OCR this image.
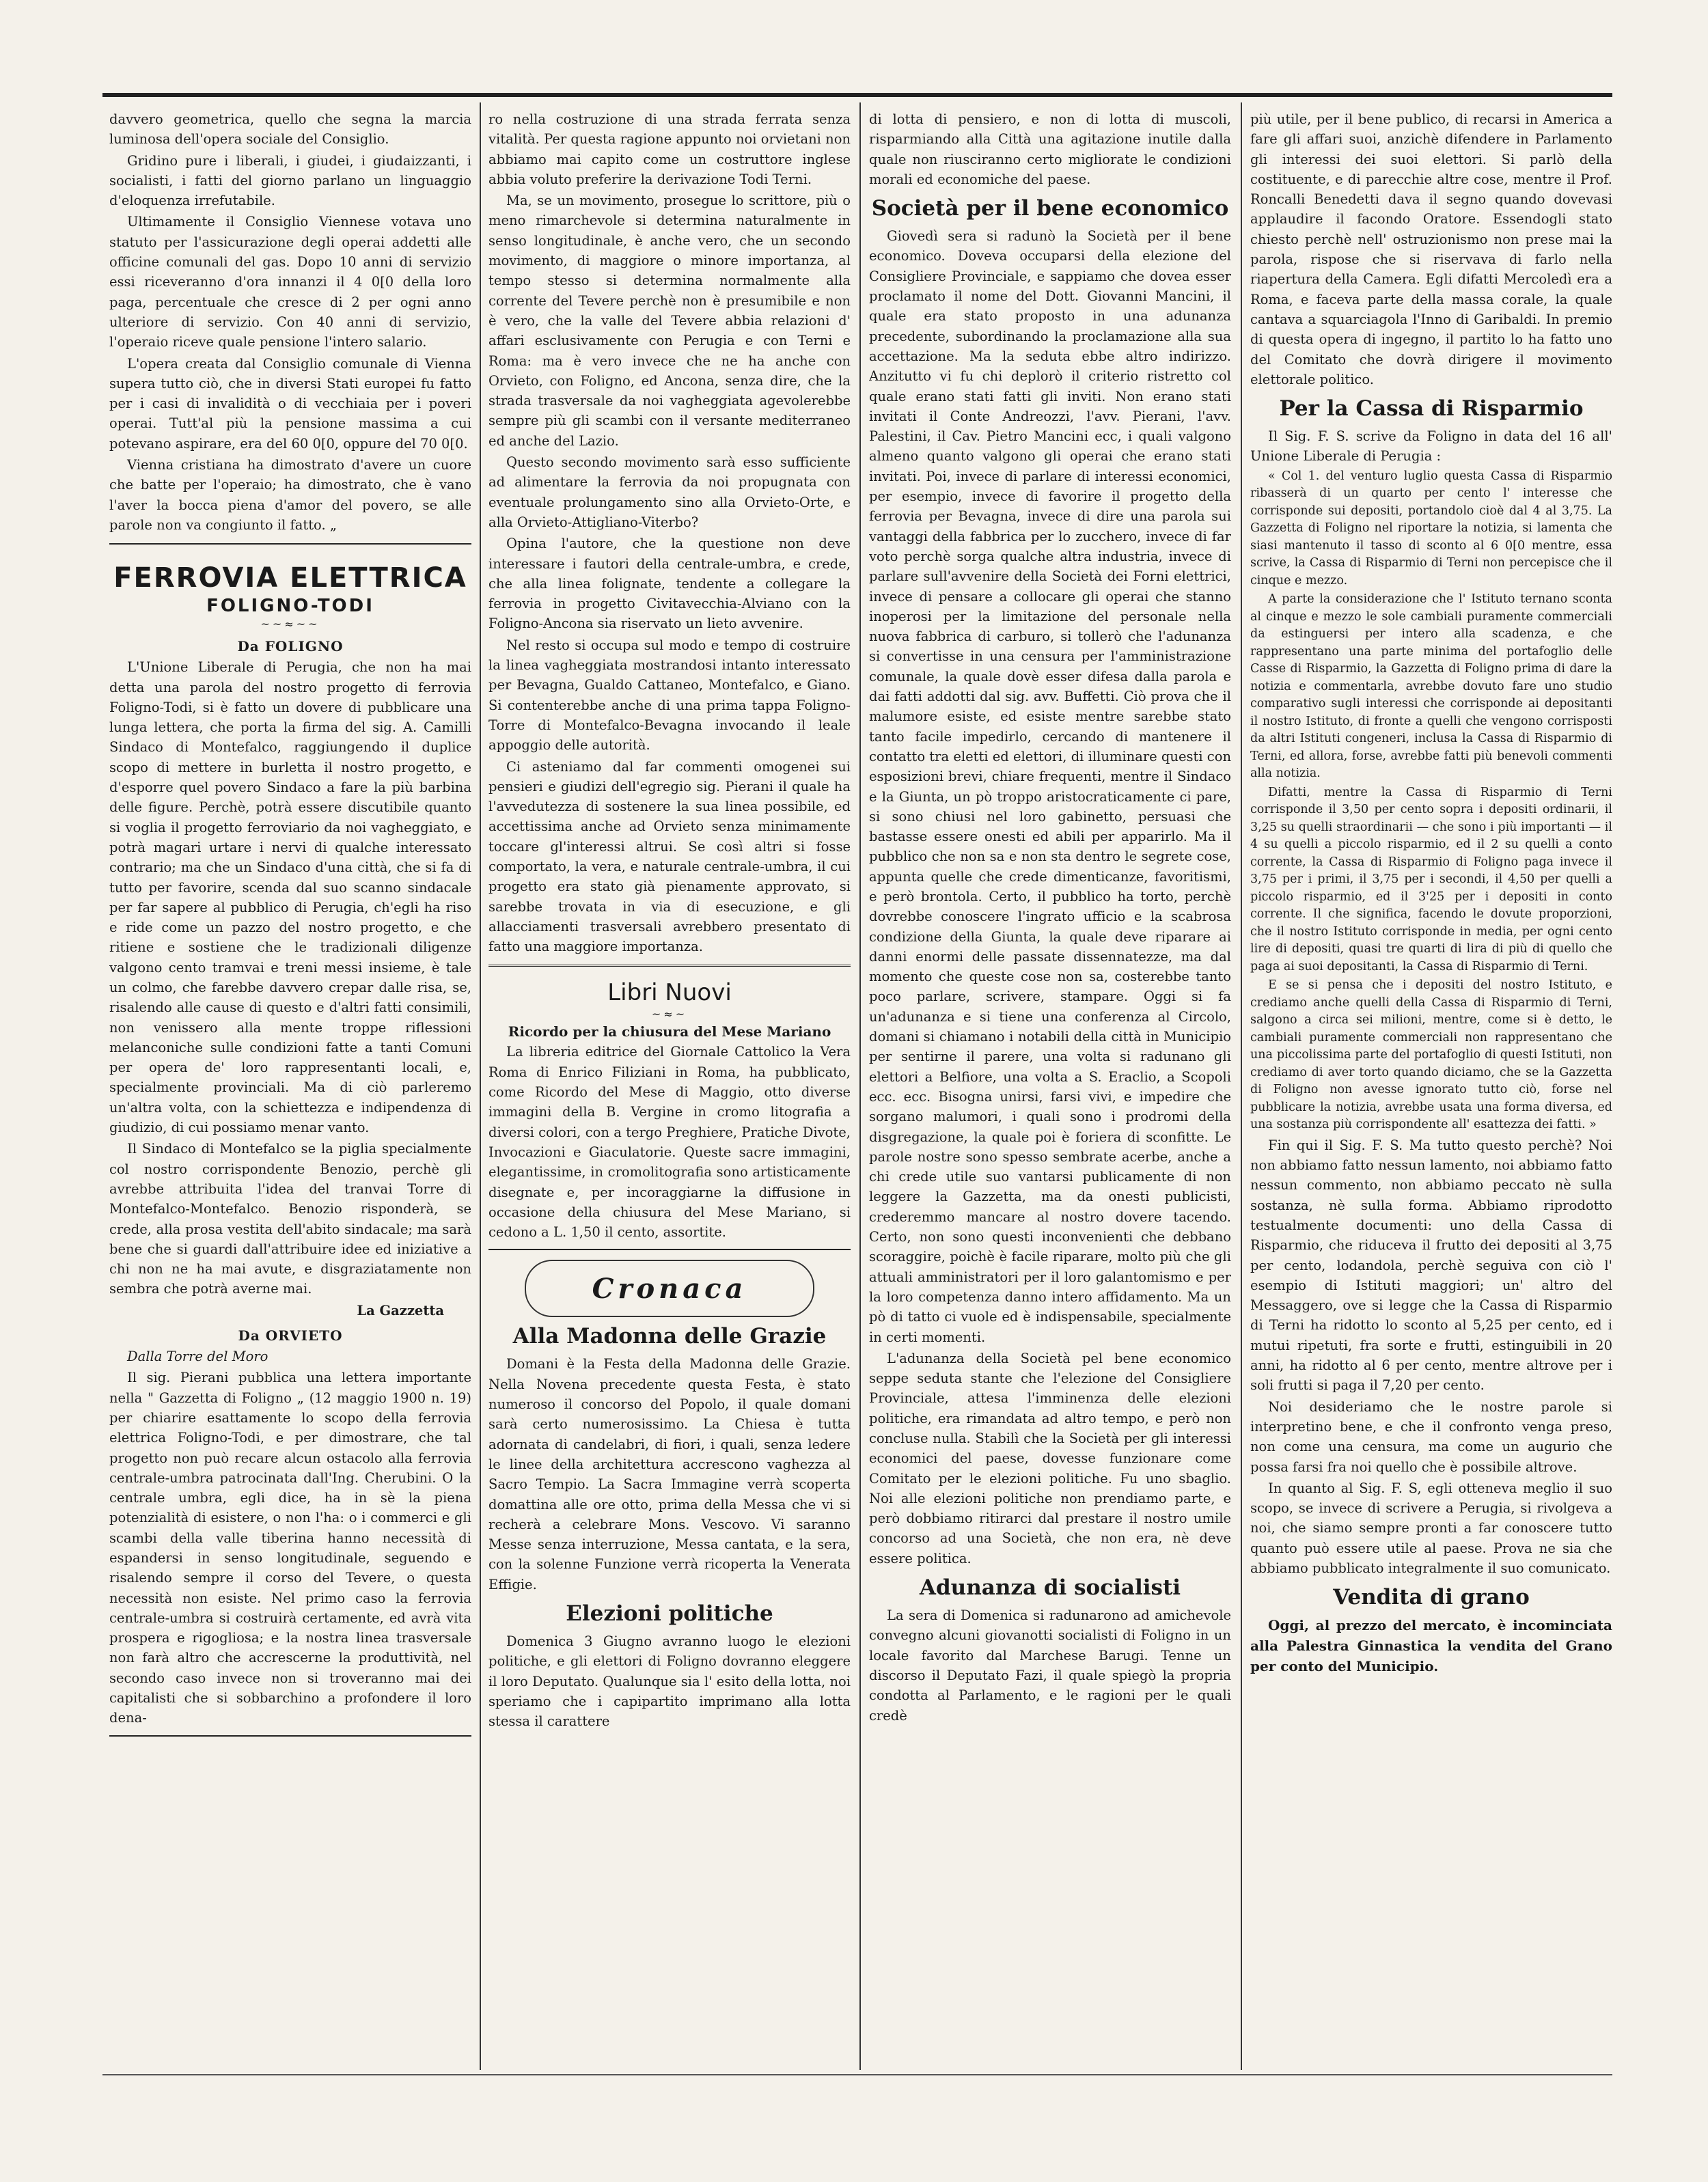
davvero geometrica, quello che segna la marcia luminosa dell'opera sociale del Consiglio.

Gridino pure i liberali, i giudei, i giudaizzanti, i socialisti, i fatti del giorno parlano un linguaggio d'eloquenza irrefutabile.

Ultimamente il Consiglio Viennese votava uno statuto per l'assicurazione degli operai addetti alle officine comunali del gas. Dopo 10 anni di servizio essi riceveranno d'ora innanzi il 4 0[0 della loro paga, percentuale che cresce di 2 per ogni anno ulteriore di servizio. Con 40 anni di servizio, l'operaio riceve quale pensione l'intero salario.

L'opera creata dal Consiglio comunale di Vienna supera tutto ciò, che in diversi Stati europei fu fatto per i casi di invalidità o di vecchiaia per i poveri operai. Tutt'al più la pensione massima a cui potevano aspirare, era del 60 0[0, oppure del 70 0[0.

Vienna cristiana ha dimostrato d'avere un cuore che batte per l'operaio; ha dimostrato, che è vano l'aver la bocca piena d'amor del povero, se alle parole non va congiunto il fatto. „

FERROVIA ELETTRICA
FOLIGNO-TODI
~~≈~~
Da FOLIGNO

L'Unione Liberale di Perugia, che non ha mai detta una parola del nostro progetto di ferrovia Foligno-Todi, si è fatto un dovere di pubblicare una lunga lettera, che porta la firma del sig. A. Camilli Sindaco di Montefalco, raggiungendo il duplice scopo di mettere in burletta il nostro progetto, e d'esporre quel povero Sindaco a fare la più barbina delle figure. Perchè, potrà essere discutibile quanto si voglia il progetto ferroviario da noi vagheggiato, e potrà magari urtare i nervi di qualche interessato contrario; ma che un Sindaco d'una città, che si fa di tutto per favorire, scenda dal suo scanno sindacale per far sapere al pubblico di Perugia, ch'egli ha riso e ride come un pazzo del nostro progetto, e che ritiene e sostiene che le tradizionali diligenze valgono cento tramvai e treni messi insieme, è tale un colmo, che farebbe davvero crepar dalle risa, se, risalendo alle cause di questo e d'altri fatti consimili, non venissero alla mente troppe riflessioni melanconiche sulle condizioni fatte a tanti Comuni per opera de' loro rappresentanti locali, e, specialmente provinciali. Ma di ciò parleremo un'altra volta, con la schiettezza e indipendenza di giudizio, di cui possiamo menar vanto.

Il Sindaco di Montefalco se la piglia specialmente col nostro corrispondente Benozio, perchè gli avrebbe attribuita l'idea del tranvai Torre di Montefalco-Montefalco. Benozio risponderà, se crede, alla prosa vestita dell'abito sindacale; ma sarà bene che si guardi dall'attribuire idee ed iniziative a chi non ne ha mai avute, e disgraziatamente non sembra che potrà averne mai.

La Gazzetta
Da ORVIETO

Dalla Torre del Moro

Il sig. Pierani pubblica una lettera importante nella " Gazzetta di Foligno „ (12 maggio 1900 n. 19) per chiarire esattamente lo scopo della ferrovia elettrica Foligno-Todi, e per dimostrare, che tal progetto non può recare alcun ostacolo alla ferrovia centrale-umbra patrocinata dall'Ing. Cherubini. O la centrale umbra, egli dice, ha in sè la piena potenzialità di esistere, o non l'ha: o i commerci e gli scambi della valle tiberina hanno necessità di espandersi in senso longitudinale, seguendo e risalendo sempre il corso del Tevere, o questa necessità non esiste. Nel primo caso la ferrovia centrale-umbra si costruirà certamente, ed avrà vita prospera e rigogliosa; e la nostra linea trasversale non farà altro che accrescerne la produttività, nel secondo caso invece non si troveranno mai dei capitalisti che si sobbarchino a profondere il loro dena-

ro nella costruzione di una strada ferrata senza vitalità. Per questa ragione appunto noi orvietani non abbiamo mai capito come un costruttore inglese abbia voluto preferire la derivazione Todi Terni.

Ma, se un movimento, prosegue lo scrittore, più o meno rimarchevole si determina naturalmente in senso longitudinale, è anche vero, che un secondo movimento, di maggiore o minore importanza, al tempo stesso si determina normalmente alla corrente del Tevere perchè non è presumibile e non è vero, che la valle del Tevere abbia relazioni d' affari esclusivamente con Perugia e con Terni e Roma: ma è vero invece che ne ha anche con Orvieto, con Foligno, ed Ancona, senza dire, che la strada trasversale da noi vagheggiata agevolerebbe sempre più gli scambi con il versante mediterraneo ed anche del Lazio.

Questo secondo movimento sarà esso sufficiente ad alimentare la ferrovia da noi propugnata con eventuale prolungamento sino alla Orvieto-Orte, e alla Orvieto-Attigliano-Viterbo?

Opina l'autore, che la questione non deve interessare i fautori della centrale-umbra, e crede, che alla linea folignate, tendente a collegare la ferrovia in progetto Civitavecchia-Alviano con la Foligno-Ancona sia riservato un lieto avvenire.

Nel resto si occupa sul modo e tempo di costruire la linea vagheggiata mostrandosi intanto interessato per Bevagna, Gualdo Cattaneo, Montefalco, e Giano. Si contenterebbe anche di una prima tappa Foligno-Torre di Montefalco-Bevagna invocando il leale appoggio delle autorità.

Ci asteniamo dal far commenti omogenei sui pensieri e giudizi dell'egregio sig. Pierani il quale ha l'avvedutezza di sostenere la sua linea possibile, ed accettissima anche ad Orvieto senza minimamente toccare gl'interessi altrui. Se così altri si fosse comportato, la vera, e naturale centrale-umbra, il cui progetto era stato già pienamente approvato, si sarebbe trovata in via di esecuzione, e gli allacciamenti trasversali avrebbero presentato di fatto una maggiore importanza.

Libri Nuovi
~≈~
Ricordo per la chiusura del Mese Mariano

La libreria editrice del Giornale Cattolico la Vera Roma di Enrico Filiziani in Roma, ha pubblicato, come Ricordo del Mese di Maggio, otto diverse immagini della B. Vergine in cromo litografia a diversi colori, con a tergo Preghiere, Pratiche Divote, Invocazioni e Giaculatorie. Queste sacre immagini, elegantissime, in cromolitografia sono artisticamente disegnate e, per incoraggiarne la diffusione in occasione della chiusura del Mese Mariano, si cedono a L. 1,50 il cento, assortite.

Cronaca
Alla Madonna delle Grazie

Domani è la Festa della Madonna delle Grazie. Nella Novena precedente questa Festa, è stato numeroso il concorso del Popolo, il quale domani sarà certo numerosissimo. La Chiesa è tutta adornata di candelabri, di fiori, i quali, senza ledere le linee della architettura accrescono vaghezza al Sacro Tempio. La Sacra Immagine verrà scoperta domattina alle ore otto, prima della Messa che vi si recherà a celebrare Mons. Vescovo. Vi saranno Messe senza interruzione, Messa cantata, e la sera, con la solenne Funzione verrà ricoperta la Venerata Effigie.

Elezioni politiche

Domenica 3 Giugno avranno luogo le elezioni politiche, e gli elettori di Foligno dovranno eleggere il loro Deputato. Qualunque sia l' esito della lotta, noi speriamo che i capipartito imprimano alla lotta stessa il carattere

di lotta di pensiero, e non di lotta di muscoli, risparmiando alla Città una agitazione inutile dalla quale non riusciranno certo migliorate le condizioni morali ed economiche del paese.

Società per il bene economico

Giovedì sera si radunò la Società per il bene economico. Doveva occuparsi della elezione del Consigliere Provinciale, e sappiamo che dovea esser proclamato il nome del Dott. Giovanni Mancini, il quale era stato proposto in una adunanza precedente, subordinando la proclamazione alla sua accettazione. Ma la seduta ebbe altro indirizzo. Anzitutto vi fu chi deplorò il criterio ristretto col quale erano stati fatti gli inviti. Non erano stati invitati il Conte Andreozzi, l'avv. Pierani, l'avv. Palestini, il Cav. Pietro Mancini ecc, i quali valgono almeno quanto valgono gli operai che erano stati invitati. Poi, invece di parlare di interessi economici, per esempio, invece di favorire il progetto della ferrovia per Bevagna, invece di dire una parola sui vantaggi della fabbrica per lo zucchero, invece di far voto perchè sorga qualche altra industria, invece di parlare sull'avvenire della Società dei Forni elettrici, invece di pensare a collocare gli operai che stanno inoperosi per la limitazione del personale nella nuova fabbrica di carburo, si tollerò che l'adunanza si convertisse in una censura per l'amministrazione comunale, la quale dovè esser difesa dalla parola e dai fatti addotti dal sig. avv. Buffetti. Ciò prova che il malumore esiste, ed esiste mentre sarebbe stato tanto facile impedirlo, cercando di mantenere il contatto tra eletti ed elettori, di illuminare questi con esposizioni brevi, chiare frequenti, mentre il Sindaco e la Giunta, un pò troppo aristocraticamente ci pare, si sono chiusi nel loro gabinetto, persuasi che bastasse essere onesti ed abili per apparirlo. Ma il pubblico che non sa e non sta dentro le segrete cose, appunta quelle che crede dimenticanze, favoritismi, e però brontola. Certo, il pubblico ha torto, perchè dovrebbe conoscere l'ingrato ufficio e la scabrosa condizione della Giunta, la quale deve riparare ai danni enormi delle passate dissennatezze, ma dal momento che queste cose non sa, costerebbe tanto poco parlare, scrivere, stampare. Oggi si fa un'adunanza e si tiene una conferenza al Circolo, domani si chiamano i notabili della città in Municipio per sentirne il parere, una volta si radunano gli elettori a Belfiore, una volta a S. Eraclio, a Scopoli ecc. ecc. Bisogna unirsi, farsi vivi, e impedire che sorgano malumori, i quali sono i prodromi della disgregazione, la quale poi è foriera di sconfitte. Le parole nostre sono spesso sembrate acerbe, anche a chi crede utile suo vantarsi publicamente di non leggere la Gazzetta, ma da onesti publicisti, crederemmo mancare al nostro dovere tacendo. Certo, non sono questi inconvenienti che debbano scoraggire, poichè è facile riparare, molto più che gli attuali amministratori per il loro galantomismo e per la loro competenza danno intero affidamento. Ma un pò di tatto ci vuole ed è indispensabile, specialmente in certi momenti.

L'adunanza della Società pel bene economico seppe seduta stante che l'elezione del Consigliere Provinciale, attesa l'imminenza delle elezioni politiche, era rimandata ad altro tempo, e però non concluse nulla. Stabilì che la Società per gli interessi economici del paese, dovesse funzionare come Comitato per le elezioni politiche. Fu uno sbaglio. Noi alle elezioni politiche non prendiamo parte, e però dobbiamo ritirarci dal prestare il nostro umile concorso ad una Società, che non era, nè deve essere politica.

Adunanza di socialisti

La sera di Domenica si radunarono ad amichevole convegno alcuni giovanotti socialisti di Foligno in un locale favorito dal Marchese Barugi. Tenne un discorso il Deputato Fazi, il quale spiegò la propria condotta al Parlamento, e le ragioni per le quali credè

più utile, per il bene publico, di recarsi in America a fare gli affari suoi, anzichè difendere in Parlamento gli interessi dei suoi elettori. Si parlò della costituente, e di parecchie altre cose, mentre il Prof. Roncalli Benedetti dava il segno quando dovevasi applaudire il facondo Oratore. Essendogli stato chiesto perchè nell' ostruzionismo non prese mai la parola, rispose che si riservava di farlo nella riapertura della Camera. Egli difatti Mercoledì era a Roma, e faceva parte della massa corale, la quale cantava a squarciagola l'Inno di Garibaldi. In premio di questa opera di ingegno, il partito lo ha fatto uno del Comitato che dovrà dirigere il movimento elettorale politico.

Per la Cassa di Risparmio

Il Sig. F. S. scrive da Foligno in data del 16 all' Unione Liberale di Perugia :

« Col 1. del venturo luglio questa Cassa di Risparmio ribasserà di un quarto per cento l' interesse che corrisponde sui depositi, portandolo cioè dal 4 al 3,75. La Gazzetta di Foligno nel riportare la notizia, si lamenta che siasi mantenuto il tasso di sconto al 6 0[0 mentre, essa scrive, la Cassa di Risparmio di Terni non percepisce che il cinque e mezzo.

A parte la considerazione che l' Istituto ternano sconta al cinque e mezzo le sole cambiali puramente commerciali da estinguersi per intero alla scadenza, e che rappresentano una parte minima del portafoglio delle Casse di Risparmio, la Gazzetta di Foligno prima di dare la notizia e commentarla, avrebbe dovuto fare uno studio comparativo sugli interessi che corrisponde ai depositanti il nostro Istituto, di fronte a quelli che vengono corrisposti da altri Istituti congeneri, inclusa la Cassa di Risparmio di Terni, ed allora, forse, avrebbe fatti più benevoli commenti alla notizia.

Difatti, mentre la Cassa di Risparmio di Terni corrisponde il 3,50 per cento sopra i depositi ordinarii, il 3,25 su quelli straordinarii — che sono i più importanti — il 4 su quelli a piccolo risparmio, ed il 2 su quelli a conto corrente, la Cassa di Risparmio di Foligno paga invece il 3,75 per i primi, il 3,75 per i secondi, il 4,50 per quelli a piccolo risparmio, ed il 3'25 per i depositi in conto corrente. Il che significa, facendo le dovute proporzioni, che il nostro Istituto corrisponde in media, per ogni cento lire di depositi, quasi tre quarti di lira di più di quello che paga ai suoi depositanti, la Cassa di Risparmio di Terni.

E se si pensa che i depositi del nostro Istituto, e crediamo anche quelli della Cassa di Risparmio di Terni, salgono a circa sei milioni, mentre, come si è detto, le cambiali puramente commerciali non rappresentano che una piccolissima parte del portafoglio di questi Istituti, non crediamo di aver torto quando diciamo, che se la Gazzetta di Foligno non avesse ignorato tutto ciò, forse nel pubblicare la notizia, avrebbe usata una forma diversa, ed una sostanza più corrispondente all' esattezza dei fatti. »

Fin qui il Sig. F. S. Ma tutto questo perchè? Noi non abbiamo fatto nessun lamento, noi abbiamo fatto nessun commento, non abbiamo peccato nè sulla sostanza, nè sulla forma. Abbiamo riprodotto testualmente documenti: uno della Cassa di Risparmio, che riduceva il frutto dei depositi al 3,75 per cento, lodandola, perchè seguiva con ciò l' esempio di Istituti maggiori; un' altro del Messaggero, ove si legge che la Cassa di Risparmio di Terni ha ridotto lo sconto al 5,25 per cento, ed i mutui ripetuti, fra sorte e frutti, estinguibili in 20 anni, ha ridotto al 6 per cento, mentre altrove per i soli frutti si paga il 7,20 per cento.

Noi desideriamo che le nostre parole si interpretino bene, e che il confronto venga preso, non come una censura, ma come un augurio che possa farsi fra noi quello che è possibile altrove.

In quanto al Sig. F. S, egli otteneva meglio il suo scopo, se invece di scrivere a Perugia, si rivolgeva a noi, che siamo sempre pronti a far conoscere tutto quanto può essere utile al paese. Prova ne sia che abbiamo pubblicato integralmente il suo comunicato.

Vendita di grano

Oggi, al prezzo del mercato, è incominciata alla Palestra Ginnastica la vendita del Grano per conto del Municipio.
